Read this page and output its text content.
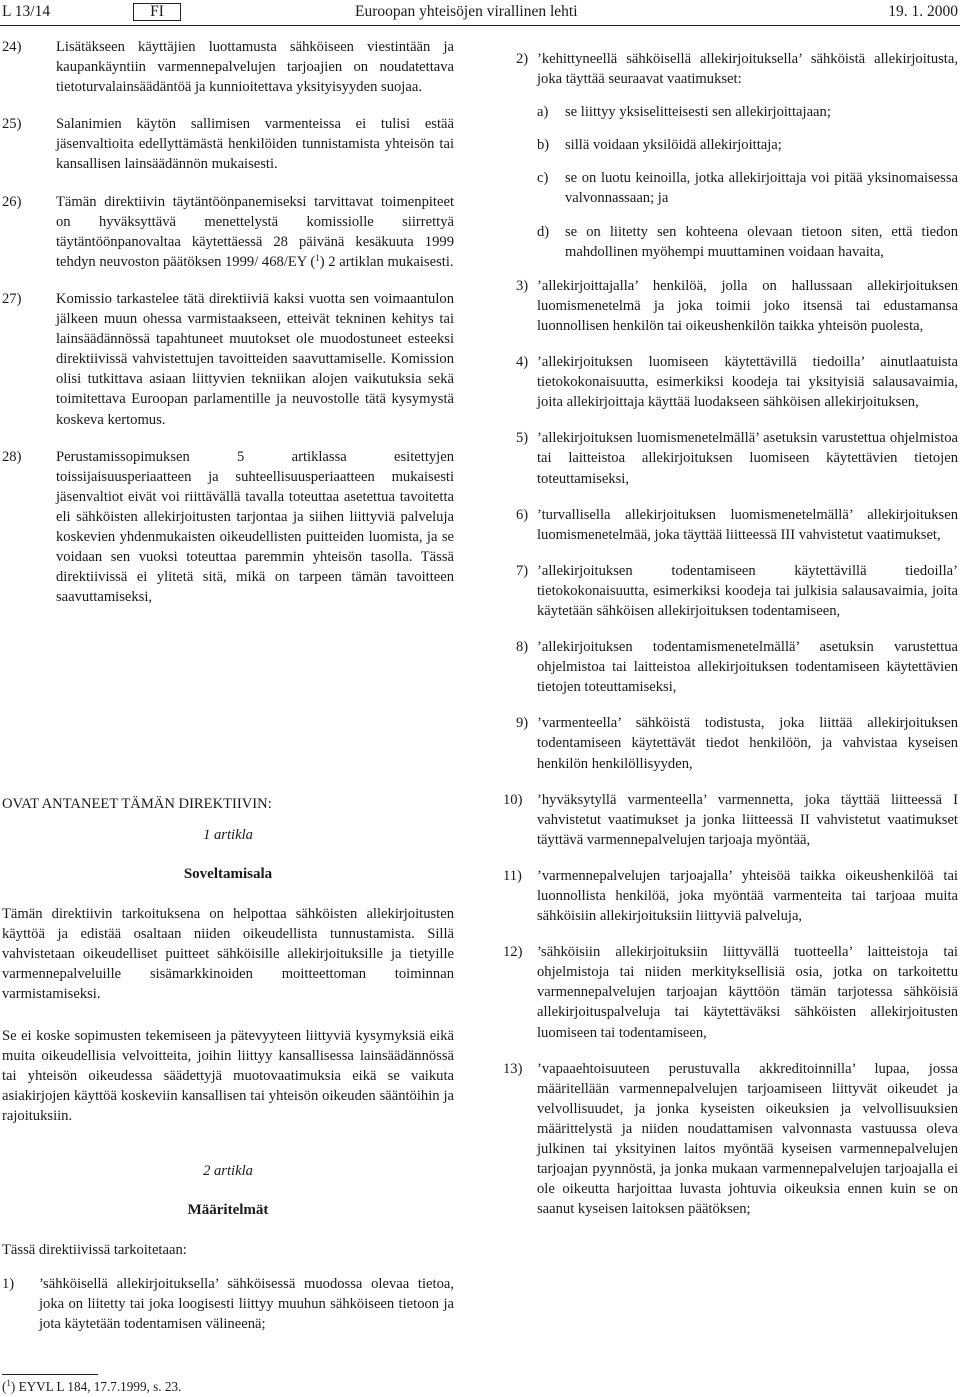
L 13/14	FI	Euroopan yhteisöjen virallinen lehti	19. 1. 2000
24) Lisätäkseen käyttäjien luottamusta sähköiseen viestintään ja kaupankäyntiin varmennepalvelujen tarjoajien on noudatettava tietoturvalainsäädäntöä ja kunnioitettava yksityisyyden suojaa.
25) Salanimien käytön sallimisen varmenteissa ei tulisi estää jäsenvaltioita edellyttämästä henkilöiden tunnistamista yhteisön tai kansallisen lainsäädännön mukaisesti.
26) Tämän direktiivin täytäntöönpanemiseksi tarvittavat toimenpiteet on hyväksyttävä menettelystä komissiolle siirrettyä täytäntöönpanovaltaa käytettäessä 28 päivänä kesäkuuta 1999 tehdyn neuvoston päätöksen 1999/ 468/EY ($^1$) 2 artiklan mukaisesti.
27) Komissio tarkastelee tätä direktiiviä kaksi vuotta sen voimaantulon jälkeen muun ohessa varmistaakseen, etteivät tekninen kehitys tai lainsäädännössä tapahtuneet muutokset ole muodostuneet esteeksi direktiivissä vahvistettujen tavoitteiden saavuttamiselle. Komission olisi tutkittava asiaan liittyvien tekniikan alojen vaikutuksia sekä toimitettava Euroopan parlamentille ja neuvostolle tätä kysymystä koskeva kertomus.
28) Perustamissopimuksen 5 artiklassa esitettyjen toissijaisuusperiaatteen ja suhteellisuusperiaatteen mukaisesti jäsenvaltiot eivät voi riittävällä tavalla toteuttaa asetettua tavoitetta eli sähköisten allekirjoitusten tarjontaa ja siihen liittyviä palveluja koskevien yhdenmukaisten oikeudellisten puitteiden luomista, ja se voidaan sen vuoksi toteuttaa paremmin yhteisön tasolla. Tässä direktiivissä ei ylitetä sitä, mikä on tarpeen tämän tavoitteen saavuttamiseksi,
OVAT ANTANEET TÄMÄN DIREKTIIVIN:
1 artikla
Soveltamisala
Tämän direktiivin tarkoituksena on helpottaa sähköisten allekirjoitusten käyttöä ja edistää osaltaan niiden oikeudellista tunnustamista. Sillä vahvistetaan oikeudelliset puitteet sähköisille allekirjoituksille ja tietyille varmennepalveluille sisämarkkinoiden moitteettoman toiminnan varmistamiseksi.
Se ei koske sopimusten tekemiseen ja pätevyyteen liittyviä kysymyksiä eikä muita oikeudellisia velvoitteita, joihin liittyy kansallisessa lainsäädännössä tai yhteisön oikeudessa säädettyjä muotovaatimuksia eikä se vaikuta asiakirjojen käyttöä koskeviin kansallisen tai yhteisön oikeuden sääntöihin ja rajoituksiin.
2 artikla
Määritelmät
Tässä direktiivissä tarkoitetaan:
1) ’sähköisellä allekirjoituksella’ sähköisessä muodossa olevaa tietoa, joka on liitetty tai joka loogisesti liittyy muuhun sähköiseen tietoon ja jota käytetään todentamisen välineenä;
($^1$) EYVL L 184, 17.7.1999, s. 23.
2) ’kehittyneellä sähköisellä allekirjoituksella’ sähköistä allekirjoitusta, joka täyttää seuraavat vaatimukset:
a) se liittyy yksiselitteisesti sen allekirjoittajaan;
b) sillä voidaan yksilöidä allekirjoittaja;
c) se on luotu keinoilla, jotka allekirjoittaja voi pitää yksinomaisessa valvonnassaan; ja
d) se on liitetty sen kohteena olevaan tietoon siten, että tiedon mahdollinen myöhempi muuttaminen voidaan havaita,
3) ’allekirjoittajalla’ henkilöä, jolla on hallussaan allekirjoituksen luomismenetelmä ja joka toimii joko itsensä tai edustamansa luonnollisen henkilön tai oikeushenkilön taikka yhteisön puolesta,
4) ’allekirjoituksen luomiseen käytettävillä tiedoilla’ ainutlaatuista tietokokonaisuutta, esimerkiksi koodeja tai yksityisiä salausavaimia, joita allekirjoittaja käyttää luodakseen sähköisen allekirjoituksen,
5) ’allekirjoituksen luomismenetelmällä’ asetuksin varustettua ohjelmistoa tai laitteistoa allekirjoituksen luomiseen käytettävien tietojen toteuttamiseksi,
6) ’turvallisella allekirjoituksen luomismenetelmällä’ allekirjoituksen luomismenetelmää, joka täyttää liitteessä III vahvistetut vaatimukset,
7) ’allekirjoituksen todentamiseen käytettävillä tiedoilla’ tietokokonaisuutta, esimerkiksi koodeja tai julkisia salausavaimia, joita käytetään sähköisen allekirjoituksen todentamiseen,
8) ’allekirjoituksen todentamismenetelmällä’ asetuksin varustettua ohjelmistoa tai laitteistoa allekirjoituksen todentamiseen käytettävien tietojen toteuttamiseksi,
9) ’varmenteella’ sähköistä todistusta, joka liittää allekirjoituksen todentamiseen käytettävät tiedot henkilöön, ja vahvistaa kyseisen henkilön henkilöllisyyden,
10) ’hyväksytyllä varmenteella’ varmennetta, joka täyttää liitteessä I vahvistetut vaatimukset ja jonka liitteessä II vahvistetut vaatimukset täyttävä varmennepalvelujen tarjoaja myöntää,
11) ’varmennepalvelujen tarjoajalla’ yhteisöä taikka oikeushenkilöä tai luonnollista henkilöä, joka myöntää varmenteita tai tarjoaa muita sähköisiin allekirjoituksiin liittyviä palveluja,
12) ’sähköisiin allekirjoituksiin liittyvällä tuotteella’ laitteistoja tai ohjelmistoja tai niiden merkityksellisiä osia, jotka on tarkoitettu varmennepalvelujen tarjoajan käyttöön tämän tarjotessa sähköisiä allekirjoituspalveluja tai käytettäväksi sähköisten allekirjoitusten luomiseen tai todentamiseen,
13) ’vapaaehtoisuuteen perustuvalla akkreditoinnilla’ lupaa, jossa määritellään varmennepalvelujen tarjoamiseen liittyvät oikeudet ja velvollisuudet, ja jonka kyseisten oikeuksien ja velvollisuuksien määrittelystä ja niiden noudattamisen valvonnasta vastuussa oleva julkinen tai yksityinen laitos myöntää kyseisen varmennepalvelujen tarjoajan pyynnöstä, ja jonka mukaan varmennepalvelujen tarjoajalla ei ole oikeutta harjoittaa luvasta johtuvia oikeuksia ennen kuin se on saanut kyseisen laitoksen päätöksen;
